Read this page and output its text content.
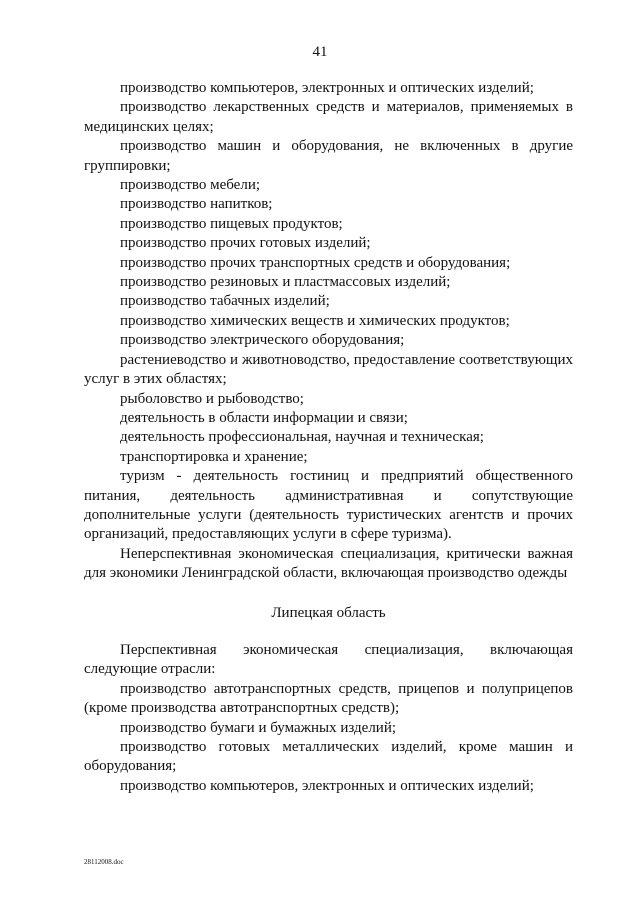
41

производство компьютеров, электронных и оптических изделий;

производство лекарственных средств и материалов, применяемых в медицинских целях;

производство машин и оборудования, не включенных в другие группировки;

производство мебели;

производство напитков;

производство пищевых продуктов;

производство прочих готовых изделий;

производство прочих транспортных средств и оборудования;

производство резиновых и пластмассовых изделий;

производство табачных изделий;

производство химических веществ и химических продуктов;

производство электрического оборудования;

растениеводство и животноводство, предоставление соответствующих услуг в этих областях;

рыболовство и рыбоводство;

деятельность в области информации и связи;

деятельность профессиональная, научная и техническая;

транспортировка и хранение;

туризм - деятельность гостиниц и предприятий общественного питания, деятельность административная и сопутствующие дополнительные услуги (деятельность туристических агентств и прочих организаций, предоставляющих услуги в сфере туризма).

Неперспективная экономическая специализация, критически важная для экономики Ленинградской области, включающая производство одежды

Липецкая область

Перспективная экономическая специализация, включающая следующие отрасли:

производство автотранспортных средств, прицепов и полуприцепов (кроме производства автотранспортных средств);

производство бумаги и бумажных изделий;

производство готовых металлических изделий, кроме машин и оборудования;

производство компьютеров, электронных и оптических изделий;

28112008.doc
